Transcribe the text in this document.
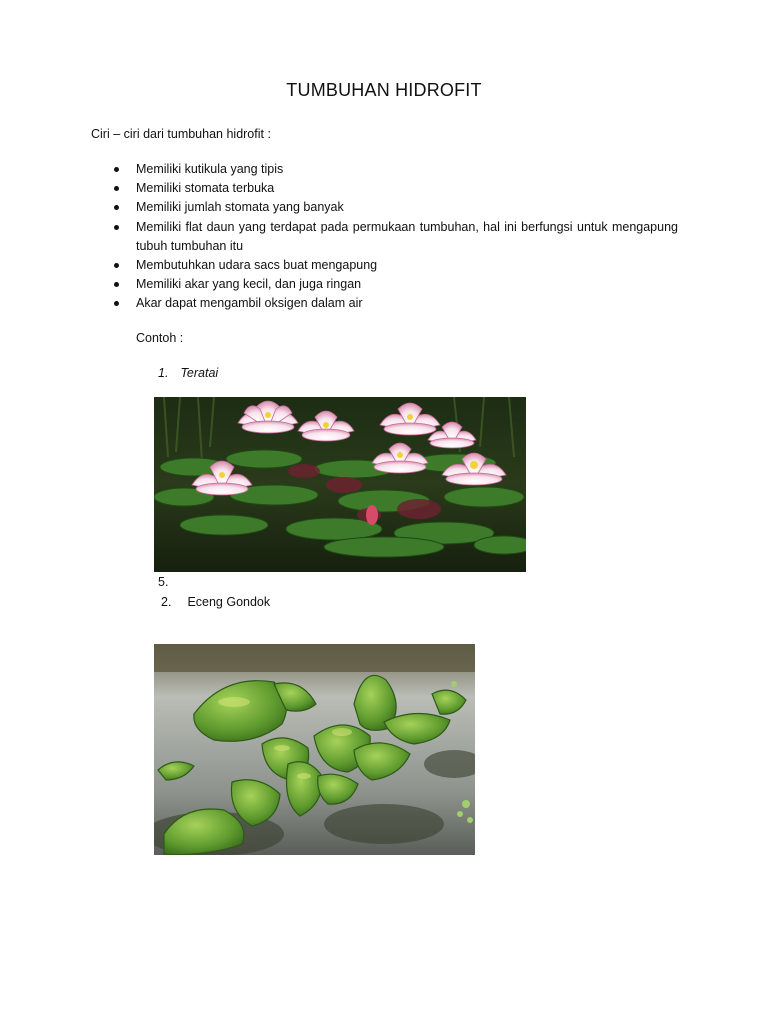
TUMBUHAN HIDROFIT
Ciri – ciri dari tumbuhan hidrofit :
Memiliki kutikula yang tipis
Memiliki stomata terbuka
Memiliki jumlah stomata yang banyak
Memiliki flat daun yang terdapat pada permukaan tumbuhan, hal ini berfungsi untuk mengapung tubuh tumbuhan itu
Membutuhkan udara sacs buat mengapung
Memiliki akar yang kecil, dan juga ringan
Akar dapat mengambil oksigen dalam air
Contoh :
1. Teratai
5.
2. Eceng Gondok
